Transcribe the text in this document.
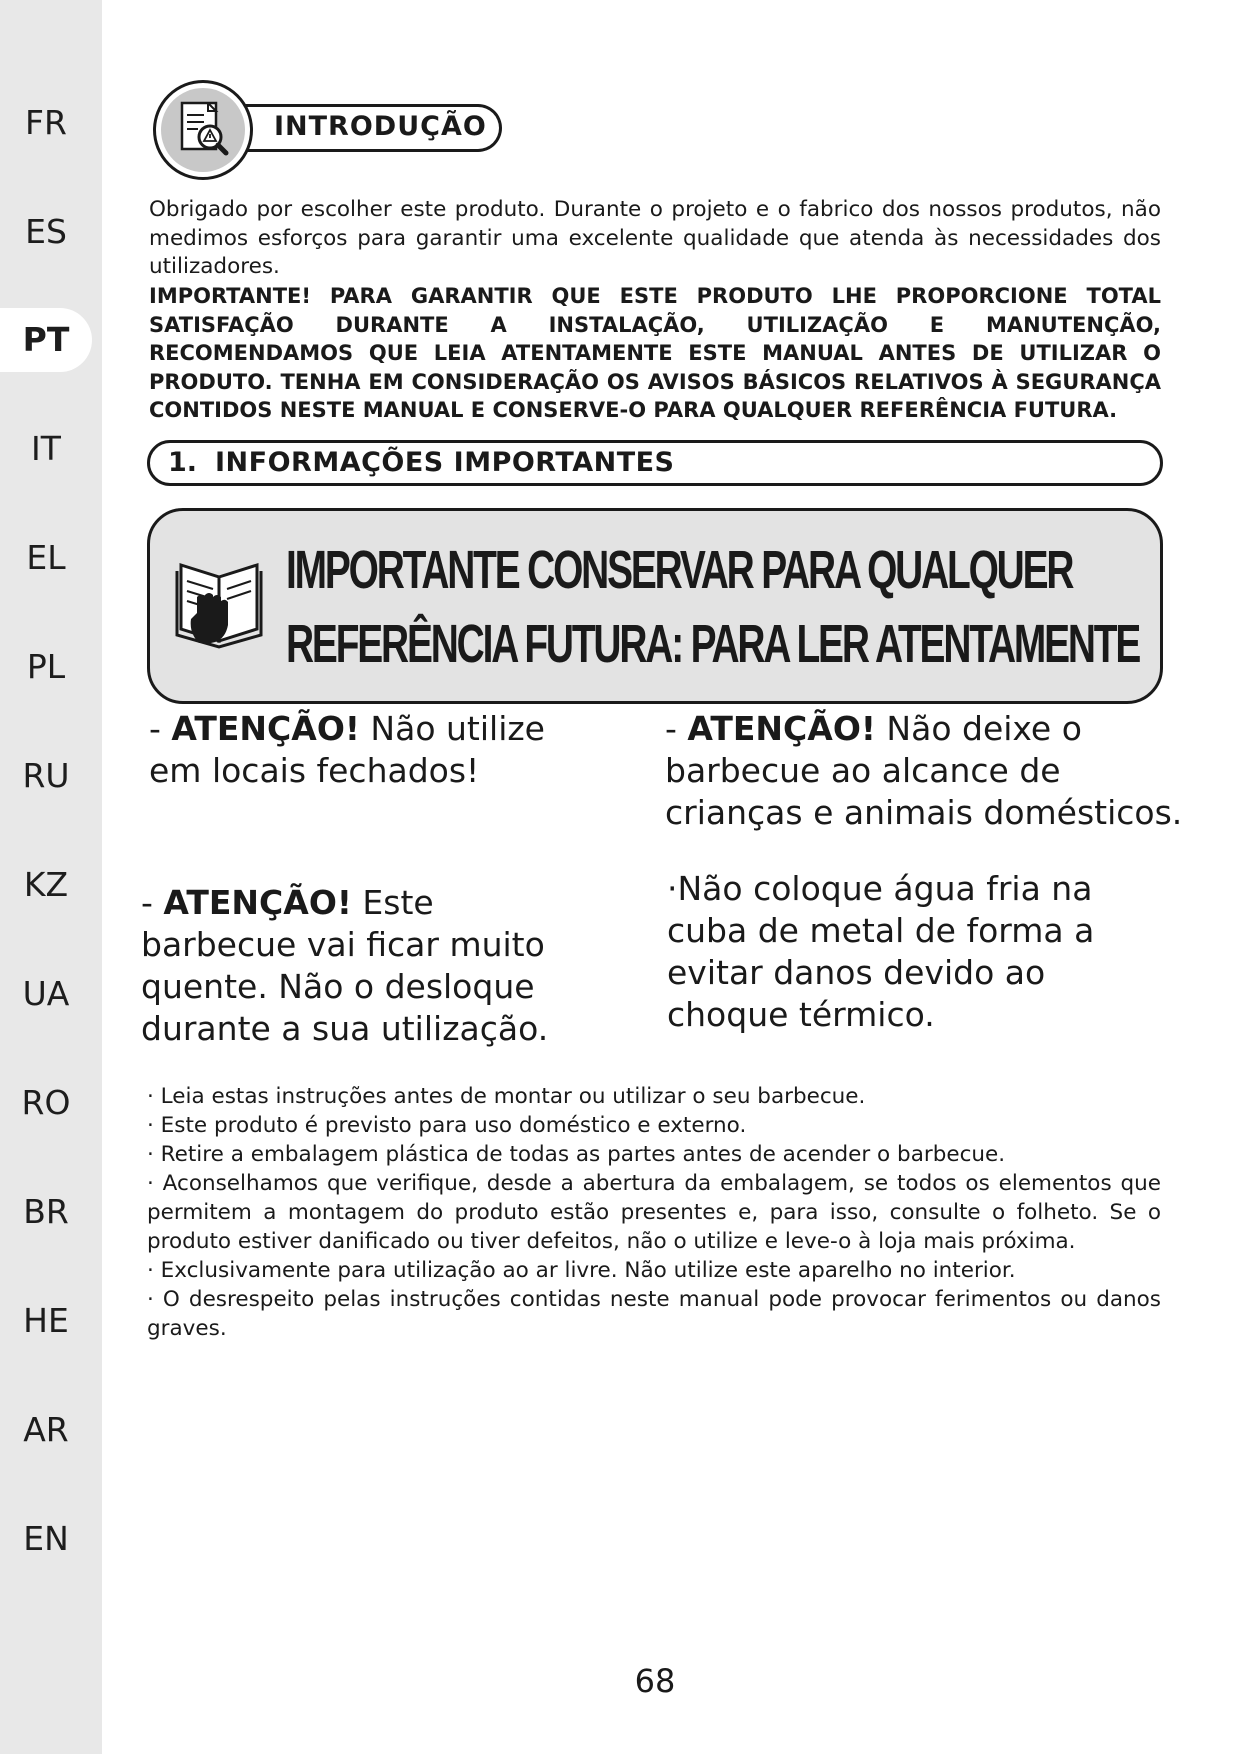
FR
ES
PT
IT
EL
PL
RU
KZ
UA
RO
BR
HE
AR
EN
INTRODUÇÃO

Obrigado por escolher este produto. Durante o projeto e o fabrico dos nossos produtos, não medimos esforços para garantir uma excelente qualidade que atenda às necessidades dos utilizadores.

IMPORTANTE! PARA GARANTIR QUE ESTE PRODUTO LHE PROPORCIONE TOTAL SATISFAÇÃO DURANTE A INSTALAÇÃO, UTILIZAÇÃO E MANUTENÇÃO, RECOMENDAMOS QUE LEIA ATENTAMENTE ESTE MANUAL ANTES DE UTILIZAR O PRODUTO. TENHA EM CONSIDERAÇÃO OS AVISOS BÁSICOS RELATIVOS À SEGURANÇA CONTIDOS NESTE MANUAL E CONSERVE-O PARA QUALQUER REFERÊNCIA FUTURA.

1. INFORMAÇÕES IMPORTANTES
IMPORTANTE CONSERVAR PARA QUALQUER
REFERÊNCIA FUTURA: PARA LER ATENTAMENTE
- ATENÇÃO! Não utilize em locais fechados!
- ATENÇÃO! Não deixe o barbecue ao alcance de crianças e animais domésticos.
- ATENÇÃO! Este barbecue vai ficar muito quente. Não o desloque durante a sua utilização.
·Não coloque água fria na cuba de metal de forma a evitar danos devido ao choque térmico.

· Leia estas instruções antes de montar ou utilizar o seu barbecue.

· Este produto é previsto para uso doméstico e externo.

· Retire a embalagem plástica de todas as partes antes de acender o barbecue.

· Aconselhamos que verifique, desde a abertura da embalagem, se todos os elementos que permitem a montagem do produto estão presentes e, para isso, consulte o folheto. Se o produto estiver danificado ou tiver defeitos, não o utilize e leve-o à loja mais próxima.

· Exclusivamente para utilização ao ar livre. Não utilize este aparelho no interior.

· O desrespeito pelas instruções contidas neste manual pode provocar ferimentos ou danos graves.

68
